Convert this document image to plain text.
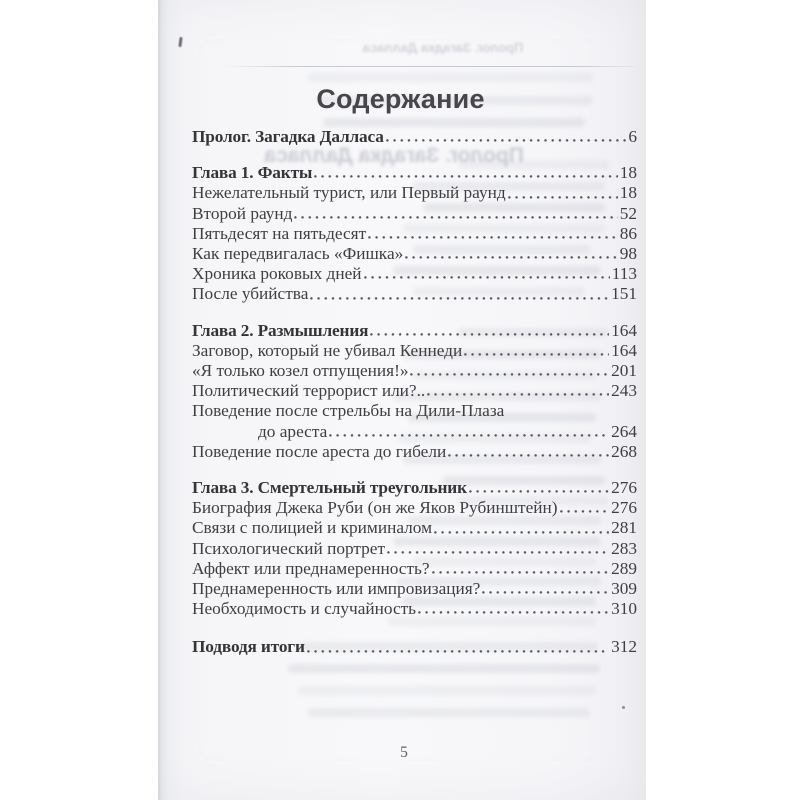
Пролог. Загадка Далласа
Пролог. Загадка Далласа
Содержание
Пролог. Загадка Далласа	6
Глава 1. Факты	18
Нежелательный турист, или Первый раунд	18
Второй раунд	52
Пятьдесят на пятьдесят	86
Как передвигалась «Фишка»	98
Хроника роковых дней	113
После убийства	151
Глава 2. Размышления	164
Заговор, который не убивал Кеннеди	164
«Я только козел отпущения!»	201
Политический террорист или?..	243
Поведение после стрельбы на Дили-Плаза
до ареста	264
Поведение после ареста до гибели	268
Глава 3. Смертельный треугольник	276
Биография Джека Руби (он же Яков Рубинштейн)	276
Связи с полицией и криминалом	281
Психологический портрет	283
Аффект или преднамеренность?	289
Преднамеренность или импровизация?	309
Необходимость и случайность	310
Подводя итоги	312
5
